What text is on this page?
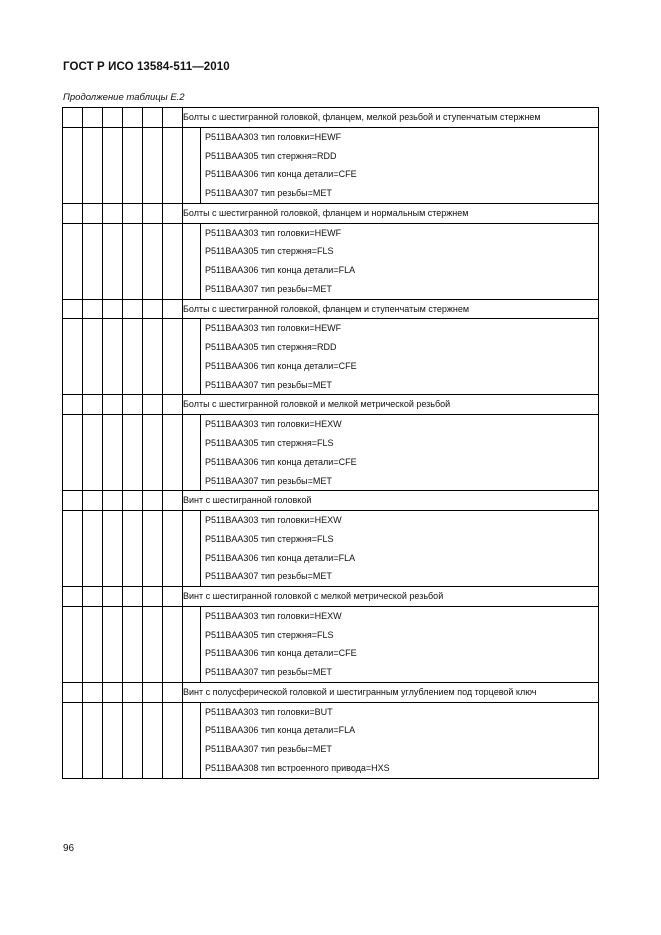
ГОСТ Р ИСО 13584-511—2010
Продолжение таблицы Е.2
						Болты с шестигранной головкой, фланцем, мелкой резьбой и ступенчатым стержнем

						P511BAA303 тип головки=HEWF
P511BAA305 тип стержня=RDD
P511BAA306 тип конца детали=CFE
P511BAA307 тип резьбы=MET

						Болты с шестигранной головкой, фланцем и нормальным стержнем

						P511BAA303 тип головки=HEWF
P511BAA305 тип стержня=FLS
P511BAA306 тип конца детали=FLA
P511BAA307 тип резьбы=MET

						Болты с шестигранной головкой, фланцем и ступенчатым стержнем

						P511BAA303 тип головки=HEWF
P511BAA305 тип стержня=RDD
P511BAA306 тип конца детали=CFE
P511BAA307 тип резьбы=MET

						Болты с шестигранной головкой и мелкой метрической резьбой

						P511BAA303 тип головки=HEXW
P511BAA305 тип стержня=FLS
P511BAA306 тип конца детали=CFE
P511BAA307 тип резьбы=MET

						Винт с шестигранной головкой

						P511BAA303 тип головки=HEXW
P511BAA305 тип стержня=FLS
P511BAA306 тип конца детали=FLA
P511BAA307 тип резьбы=MET

						Винт с шестигранной головкой с мелкой метрической резьбой

						P511BAA303 тип головки=HEXW
P511BAA305 тип стержня=FLS
P511BAA306 тип конца детали=CFE
P511BAA307 тип резьбы=MET

						Винт с полусферической головкой и шестигранным углублением под торцевой ключ

						P511BAA303 тип головки=BUT
P511BAA306 тип конца детали=FLA
P511BAA307 тип резьбы=MET
P511BAA308 тип встроенного привода=HXS
96
